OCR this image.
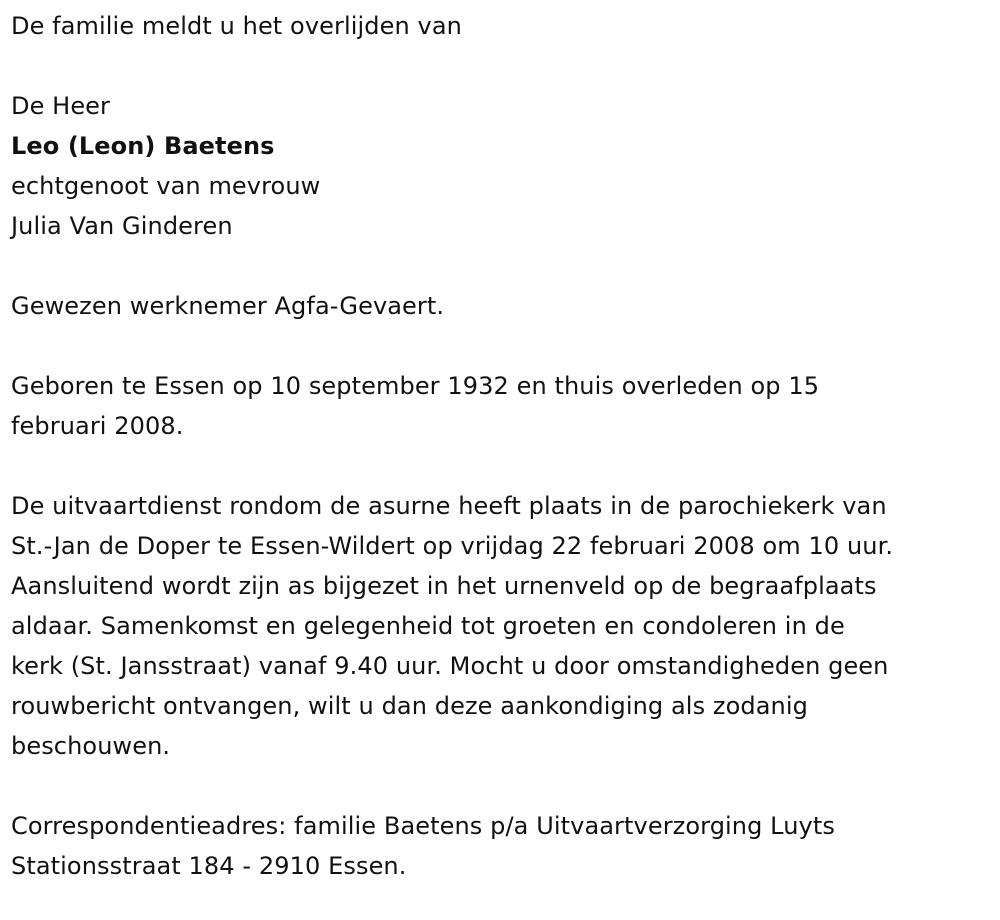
De familie meldt u het overlijden van
De Heer
Leo (Leon) Baetens
echtgenoot van mevrouw
Julia Van Ginderen
Gewezen werknemer Agfa-Gevaert.
Geboren te Essen op 10 september 1932 en thuis overleden op 15
februari 2008.
De uitvaartdienst rondom de asurne heeft plaats in de parochiekerk van
St.-Jan de Doper te Essen-Wildert op vrijdag 22 februari 2008 om 10 uur.
Aansluitend wordt zijn as bijgezet in het urnenveld op de begraafplaats
aldaar. Samenkomst en gelegenheid tot groeten en condoleren in de
kerk (St. Jansstraat) vanaf 9.40 uur. Mocht u door omstandigheden geen
rouwbericht ontvangen, wilt u dan deze aankondiging als zodanig
beschouwen.
Correspondentieadres: familie Baetens p/a Uitvaartverzorging Luyts
Stationsstraat 184 - 2910 Essen.
